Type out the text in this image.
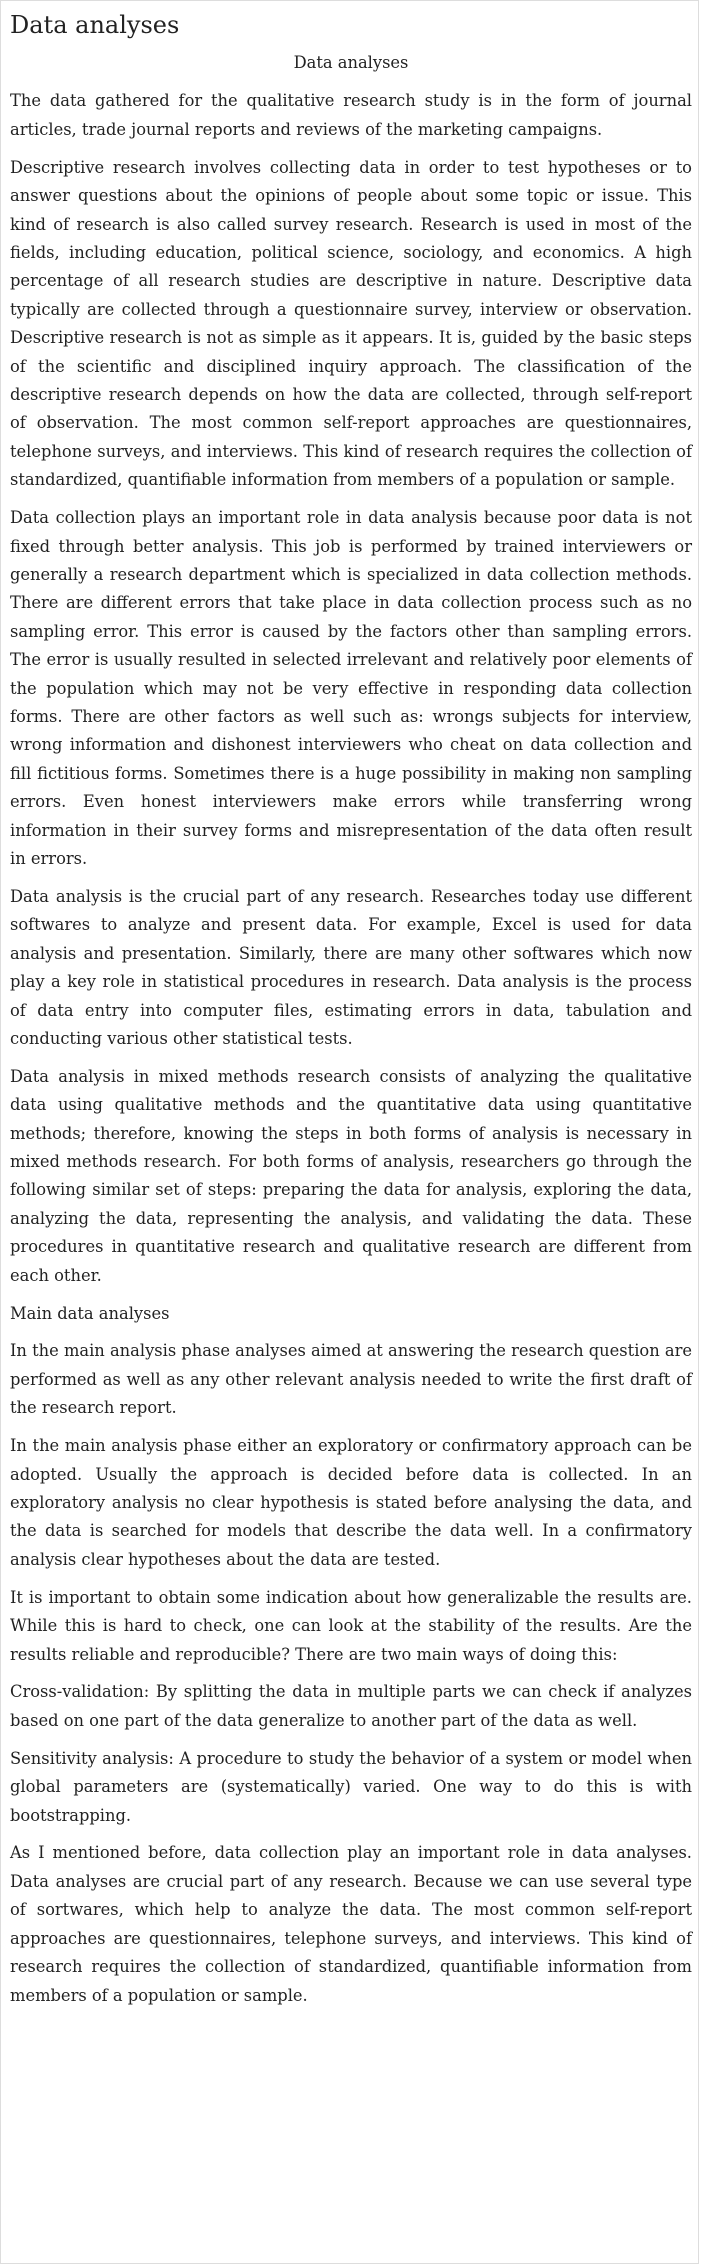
Data analyses

Data analyses

The data gathered for the qualitative research study is in the form of journal articles, trade journal reports and reviews of the marketing campaigns.

Descriptive research involves collecting data in order to test hypotheses or to answer questions about the opinions of people about some topic or issue. This kind of research is also called survey research. Research is used in most of the fields, including education, political science, sociology, and economics. A high percentage of all research studies are descriptive in nature. Descriptive data typically are collected through a questionnaire survey, interview or observation. Descriptive research is not as simple as it appears. It is, guided by the basic steps of the scientific and disciplined inquiry approach. The classification of the descriptive research depends on how the data are collected, through self-report of observation. The most common self-report approaches are questionnaires, telephone surveys, and interviews. This kind of research requires the collection of standardized, quantifiable information from members of a population or sample.

Data collection plays an important role in data analysis because poor data is not fixed through better analysis. This job is performed by trained interviewers or generally a research department which is specialized in data collection methods. There are different errors that take place in data collection process such as no sampling error. This error is caused by the factors other than sampling errors. The error is usually resulted in selected irrelevant and relatively poor elements of the population which may not be very effective in responding data collection forms. There are other factors as well such as: wrongs subjects for interview, wrong information and dishonest interviewers who cheat on data collection and fill fictitious forms. Sometimes there is a huge possibility in making non sampling errors. Even honest interviewers make errors while transferring wrong information in their survey forms and misrepresentation of the data often result in errors.

Data analysis is the crucial part of any research. Researches today use different softwares to analyze and present data. For example, Excel is used for data analysis and presentation. Similarly, there are many other softwares which now play a key role in statistical procedures in research. Data analysis is the process of data entry into computer files, estimating errors in data, tabulation and conducting various other statistical tests.

Data analysis in mixed methods research consists of analyzing the qualitative data using qualitative methods and the quantitative data using quantitative methods; therefore, knowing the steps in both forms of analysis is necessary in mixed methods research. For both forms of analysis, researchers go through the following similar set of steps: preparing the data for analysis, exploring the data, analyzing the data, representing the analysis, and validating the data. These procedures in quantitative research and qualitative research are different from each other.

Main data analyses

In the main analysis phase analyses aimed at answering the research question are performed as well as any other relevant analysis needed to write the first draft of the research report.

In the main analysis phase either an exploratory or confirmatory approach can be adopted. Usually the approach is decided before data is collected. In an exploratory analysis no clear hypothesis is stated before analysing the data, and the data is searched for models that describe the data well. In a confirmatory analysis clear hypotheses about the data are tested.

It is important to obtain some indication about how generalizable the results are. While this is hard to check, one can look at the stability of the results. Are the results reliable and reproducible? There are two main ways of doing this:

Cross-validation: By splitting the data in multiple parts we can check if analyzes based on one part of the data generalize to another part of the data as well.

Sensitivity analysis: A procedure to study the behavior of a system or model when global parameters are (systematically) varied. One way to do this is with bootstrapping.

As I mentioned before, data collection play an important role in data analyses. Data analyses are crucial part of any research. Because we can use several type of sortwares, which help to analyze the data. The most common self-report approaches are questionnaires, telephone surveys, and interviews. This kind of research requires the collection of standardized, quantifiable information from members of a population or sample.
